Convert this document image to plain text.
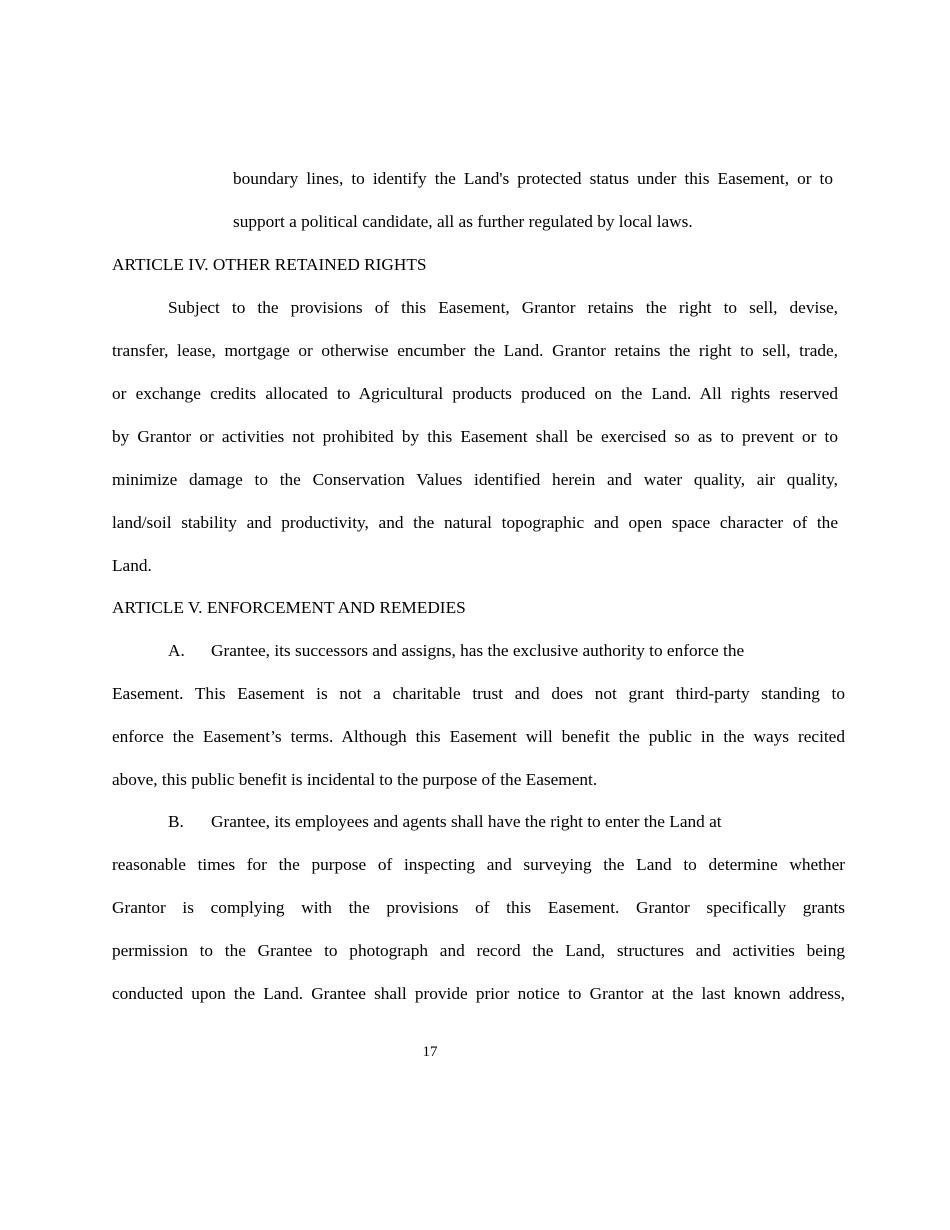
boundary lines, to identify the Land's protected status under this Easement, or to
support a political candidate, all as further regulated by local laws.
ARTICLE IV. OTHER RETAINED RIGHTS
Subject to the provisions of this Easement, Grantor retains the right to sell, devise,
transfer, lease, mortgage or otherwise encumber the Land. Grantor retains the right to sell, trade,
or exchange credits allocated to Agricultural products produced on the Land. All rights reserved
by Grantor or activities not prohibited by this Easement shall be exercised so as to prevent or to
minimize damage to the Conservation Values identified herein and water quality, air quality,
land/soil stability and productivity, and the natural topographic and open space character of the
Land.
ARTICLE V. ENFORCEMENT AND REMEDIES
A. Grantee, its successors and assigns, has the exclusive authority to enforce the
Easement. This Easement is not a charitable trust and does not grant third-party standing to
enforce the Easement’s terms. Although this Easement will benefit the public in the ways recited
above, this public benefit is incidental to the purpose of the Easement.
B. Grantee, its employees and agents shall have the right to enter the Land at
reasonable times for the purpose of inspecting and surveying the Land to determine whether
Grantor is complying with the provisions of this Easement. Grantor specifically grants
permission to the Grantee to photograph and record the Land, structures and activities being
conducted upon the Land. Grantee shall provide prior notice to Grantor at the last known address,
17
